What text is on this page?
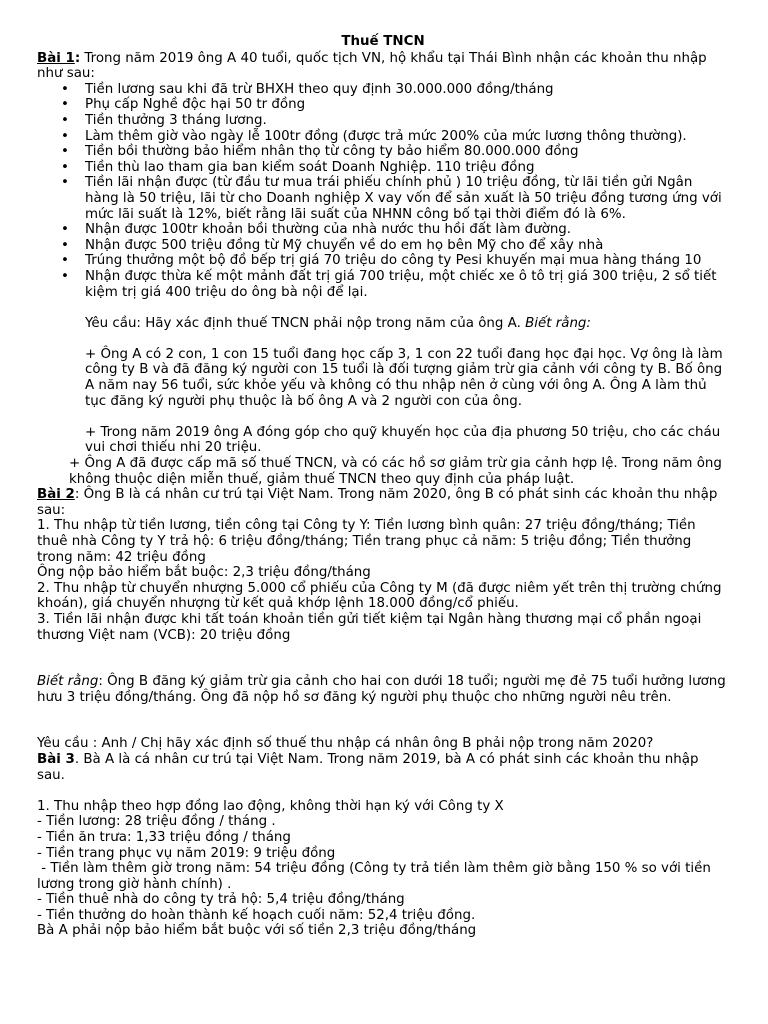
Thuế TNCN

Bài 1: Trong năm 2019 ông A 40 tuổi, quốc tịch VN, hộ khẩu tại Thái Bình nhận các khoản thu nhập như sau:

• Tiền lương sau khi đã trừ BHXH theo quy định 30.000.000 đồng/tháng
• Phụ cấp Nghề độc hại 50 tr đồng
• Tiền thưởng 3 tháng lương.
• Làm thêm giờ vào ngày lễ 100tr đồng (được trả mức 200% của mức lương thông thường).
• Tiền bồi thường bảo hiểm nhân thọ từ công ty bảo hiểm 80.000.000 đồng
• Tiền thù lao tham gia ban kiểm soát Doanh Nghiệp. 110 triệu đồng
• Tiền lãi nhận được (từ đầu tư mua trái phiếu chính phủ ) 10 triệu đồng, từ lãi tiền gửi Ngân hàng là 50 triệu, lãi từ cho Doanh nghiệp X vay vốn để sản xuất là 50 triệu đồng tương ứng với mức lãi suất là 12%, biết rằng lãi suất của NHNN công bố tại thời điểm đó là 6%.
• Nhận được 100tr khoản bồi thường của nhà nước thu hồi đất làm đường.
• Nhận được 500 triệu đồng từ Mỹ chuyển về do em họ bên Mỹ cho để xây nhà
• Trúng thưởng một bộ đồ bếp trị giá 70 triệu do công ty Pesi khuyến mại mua hàng tháng 10
• Nhận được thừa kế một mảnh đất trị giá 700 triệu, một chiếc xe ô tô trị giá 300 triệu, 2 sổ tiết kiệm trị giá 400 triệu do ông bà nội để lại.

Yêu cầu: Hãy xác định thuế TNCN phải nộp trong năm của ông A. Biết rằng:

+ Ông A có 2 con, 1 con 15 tuổi đang học cấp 3, 1 con 22 tuổi đang học đại học. Vợ ông là làm công ty B và đã đăng ký người con 15 tuổi là đối tượng giảm trừ gia cảnh với công ty B. Bố ông A năm nay 56 tuổi, sức khỏe yếu và không có thu nhập nên ở cùng với ông A. Ông A làm thủ tục đăng ký người phụ thuộc là bố ông A và 2 người con của ông.

+ Trong năm 2019 ông A đóng góp cho quỹ khuyến học của địa phương 50 triệu, cho các cháu vui chơi thiếu nhi 20 triệu.

+ Ông A đã được cấp mã số thuế TNCN, và có các hồ sơ giảm trừ gia cảnh hợp lệ. Trong năm ông không thuộc diện miễn thuế, giảm thuế TNCN theo quy định của pháp luật.

Bài 2: Ông B là cá nhân cư trú tại Việt Nam. Trong năm 2020, ông B có phát sinh các khoản thu nhập sau:

1. Thu nhập từ tiền lương, tiền công tại Công ty Y: Tiền lương bình quân: 27 triệu đồng/tháng; Tiền thuê nhà Công ty Y trả hộ: 6 triệu đồng/tháng; Tiền trang phục cả năm: 5 triệu đồng; Tiền thưởng trong năm: 42 triệu đồng

Ông nộp bảo hiểm bắt buộc: 2,3 triệu đồng/tháng

2. Thu nhập từ chuyển nhượng 5.000 cổ phiếu của Công ty M (đã được niêm yết trên thị trường chứng khoán), giá chuyển nhượng từ kết quả khớp lệnh 18.000 đồng/cổ phiếu.

3. Tiền lãi nhận được khi tất toán khoản tiền gửi tiết kiệm tại Ngân hàng thương mại cổ phần ngoại thương Việt nam (VCB): 20 triệu đồng

Biết rằng: Ông B đăng ký giảm trừ gia cảnh cho hai con dưới 18 tuổi; người mẹ đẻ 75 tuổi hưởng lương hưu 3 triệu đồng/tháng. Ông đã nộp hồ sơ đăng ký người phụ thuộc cho những người nêu trên.

Yêu cầu : Anh / Chị hãy xác định số thuế thu nhập cá nhân ông B phải nộp trong năm 2020?

Bài 3. Bà A là cá nhân cư trú tại Việt Nam. Trong năm 2019, bà A có phát sinh các khoản thu nhập sau.

1. Thu nhập theo hợp đồng lao động, không thời hạn ký với Công ty X

- Tiền lương: 28 triệu đồng / tháng .

- Tiền ăn trưa: 1,33 triệu đồng / tháng

- Tiền trang phục vụ năm 2019: 9 triệu đồng

- Tiền làm thêm giờ trong năm: 54 triệu đồng (Công ty trả tiền làm thêm giờ bằng 150 % so với tiền lương trong giờ hành chính) .

- Tiền thuê nhà do công ty trả hộ: 5,4 triệu đồng/tháng

- Tiền thưởng do hoàn thành kế hoạch cuối năm: 52,4 triệu đồng.

Bà A phải nộp bảo hiểm bắt buộc với số tiền 2,3 triệu đồng/tháng
